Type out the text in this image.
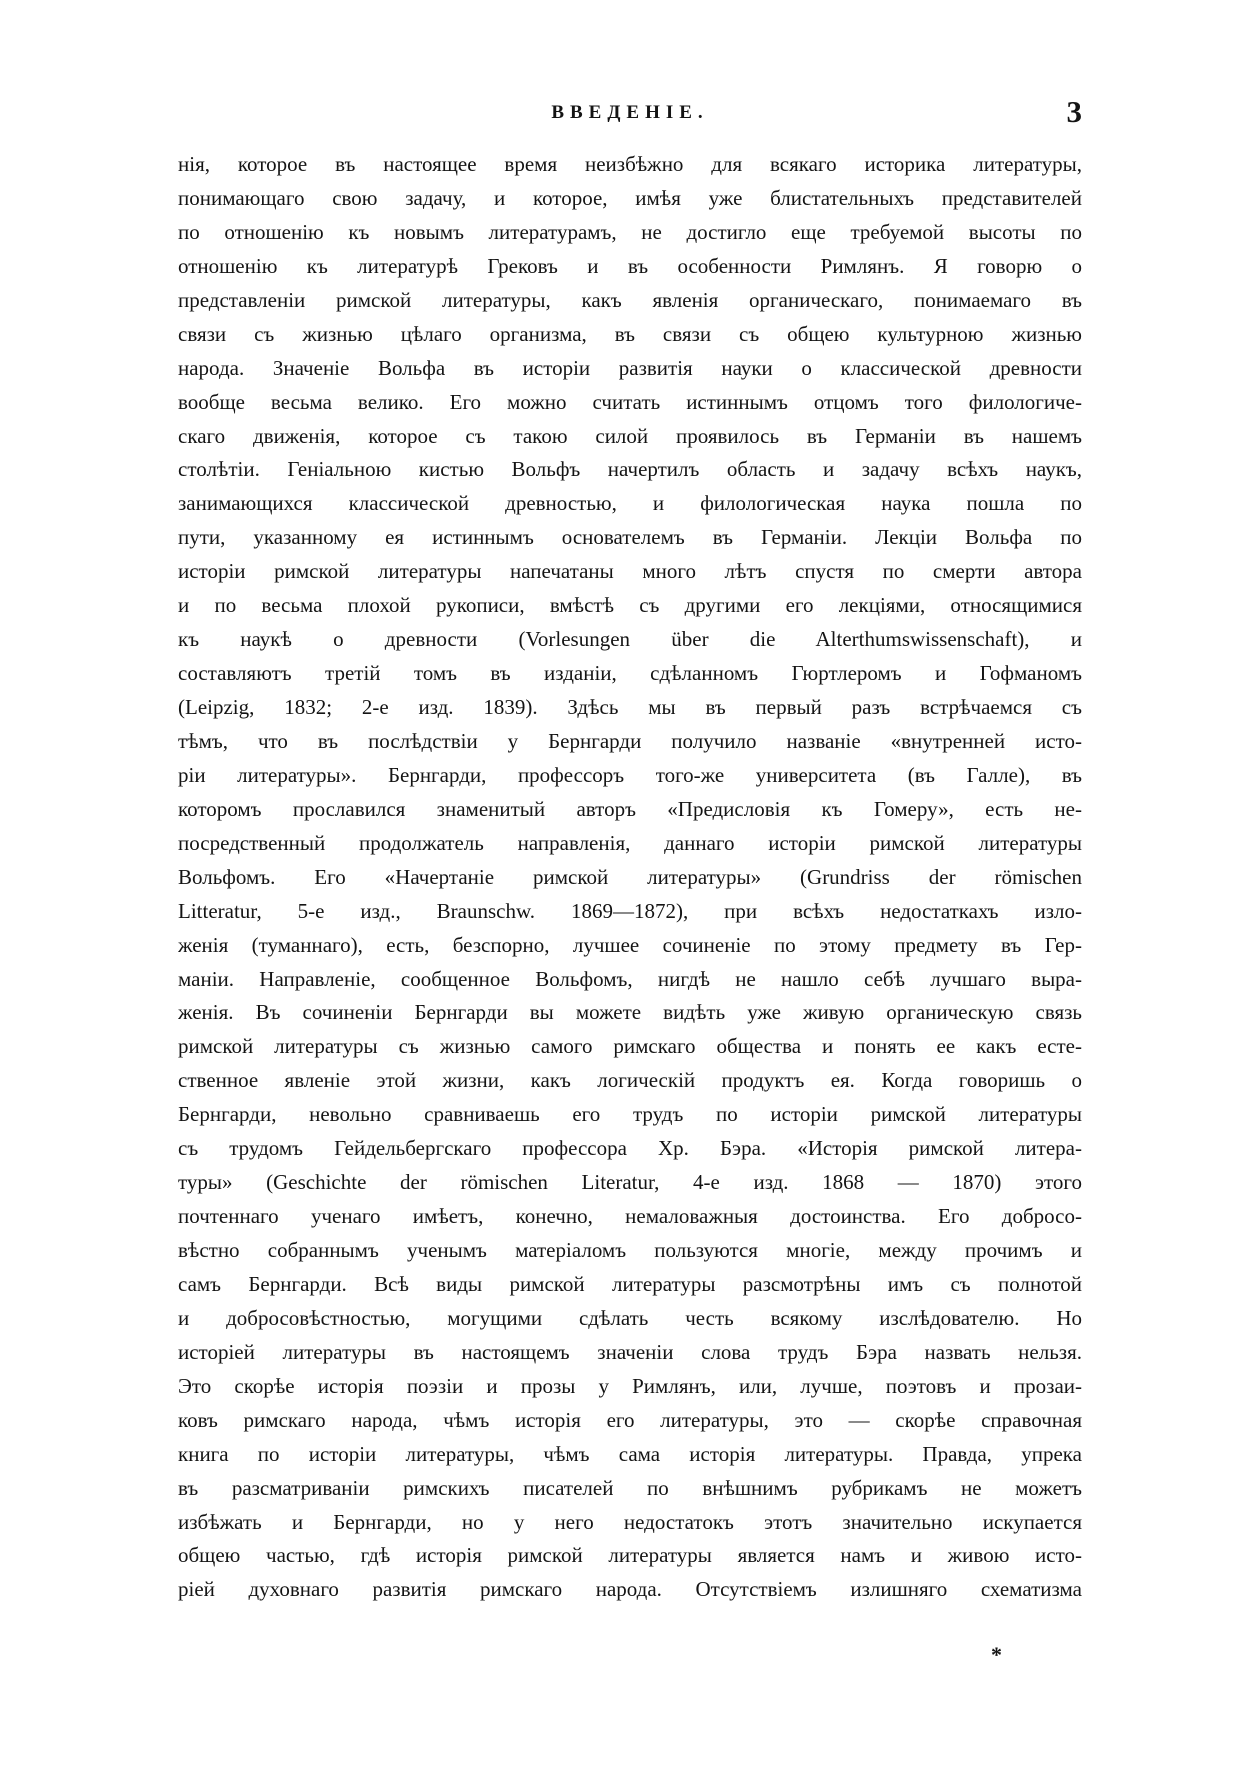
ВВЕДЕНІЕ.	3
нія, которое въ настоящее время неизбѣжно для всякаго историка литературы,
понимающаго свою задачу, и которое, имѣя уже блистательныхъ представителей
по отношенію къ новымъ литературамъ, не достигло еще требуемой высоты по
отношенію къ литературѣ Грековъ и въ особенности Римлянъ. Я говорю о
представленіи римской литературы, какъ явленія органическаго, понимаемаго въ
связи съ жизнью цѣлаго организма, въ связи съ общею культурною жизнью
народа. Значеніе Вольфа въ исторіи развитія науки о классической древности
вообще весьма велико. Его можно считать истиннымъ отцомъ того филологиче-
скаго движенія, которое съ такою силой проявилось въ Германіи въ нашемъ
столѣтіи. Геніальною кистью Вольфъ начертилъ область и задачу всѣхъ наукъ,
занимающихся классической древностью, и филологическая наука пошла по
пути, указанному ея истиннымъ основателемъ въ Германіи. Лекціи Вольфа по
исторіи римской литературы напечатаны много лѣтъ спустя по смерти автора
и по весьма плохой рукописи, вмѣстѣ съ другими его лекціями, относящимися
къ наукѣ о древности (Vorlesungen über die Alterthumswissenschaft), и
составляютъ третій томъ въ изданіи, сдѣланномъ Гюртлеромъ и Гофманомъ
(Leipzig, 1832; 2-е изд. 1839). Здѣсь мы въ первый разъ встрѣчаемся съ
тѣмъ, что въ послѣдствіи у Бернгарди получило названіе «внутренней исто-
ріи литературы». Бернгарди, профессоръ того-же университета (въ Галле), въ
которомъ прославился знаменитый авторъ «Предисловія къ Гомеру», есть не-
посредственный продолжатель направленія, даннаго исторіи римской литературы
Вольфомъ. Его «Начертаніе римской литературы» (Grundriss der römischen
Litteratur, 5-е изд., Braunschw. 1869—1872), при всѣхъ недостаткахъ изло-
женія (туманнаго), есть, безспорно, лучшее сочиненіе по этому предмету въ Гер-
маніи. Направленіе, сообщенное Вольфомъ, нигдѣ не нашло себѣ лучшаго выра-
женія. Въ сочиненіи Бернгарди вы можете видѣть уже живую органическую связь
римской литературы съ жизнью самого римскаго общества и понять ее какъ есте-
ственное явленіе этой жизни, какъ логическій продуктъ ея. Когда говоришь о
Бернгарди, невольно сравниваешь его трудъ по исторіи римской литературы
съ трудомъ Гейдельбергскаго профессора Хр. Бэра. «Исторія римской литера-
туры» (Geschichte der römischen Literatur, 4-е изд. 1868 — 1870) этого
почтеннаго ученаго имѣетъ, конечно, немаловажныя достоинства. Его добросо-
вѣстно собраннымъ ученымъ матеріаломъ пользуются многіе, между прочимъ и
самъ Бернгарди. Всѣ виды римской литературы разсмотрѣны имъ съ полнотой
и добросовѣстностью, могущими сдѣлать честь всякому изслѣдователю. Но
исторіей литературы въ настоящемъ значеніи слова трудъ Бэра назвать нельзя.
Это скорѣе исторія поэзіи и прозы у Римлянъ, или, лучше, поэтовъ и прозаи-
ковъ римскаго народа, чѣмъ исторія его литературы, это — скорѣе справочная
книга по исторіи литературы, чѣмъ сама исторія литературы. Правда, упрека
въ разсматриваніи римскихъ писателей по внѣшнимъ рубрикамъ не можетъ
избѣжать и Бернгарди, но у него недостатокъ этотъ значительно искупается
общею частью, гдѣ исторія римской литературы является намъ и живою исто-
ріей духовнаго развитія римскаго народа. Отсутствіемъ излишняго схематизма
*
